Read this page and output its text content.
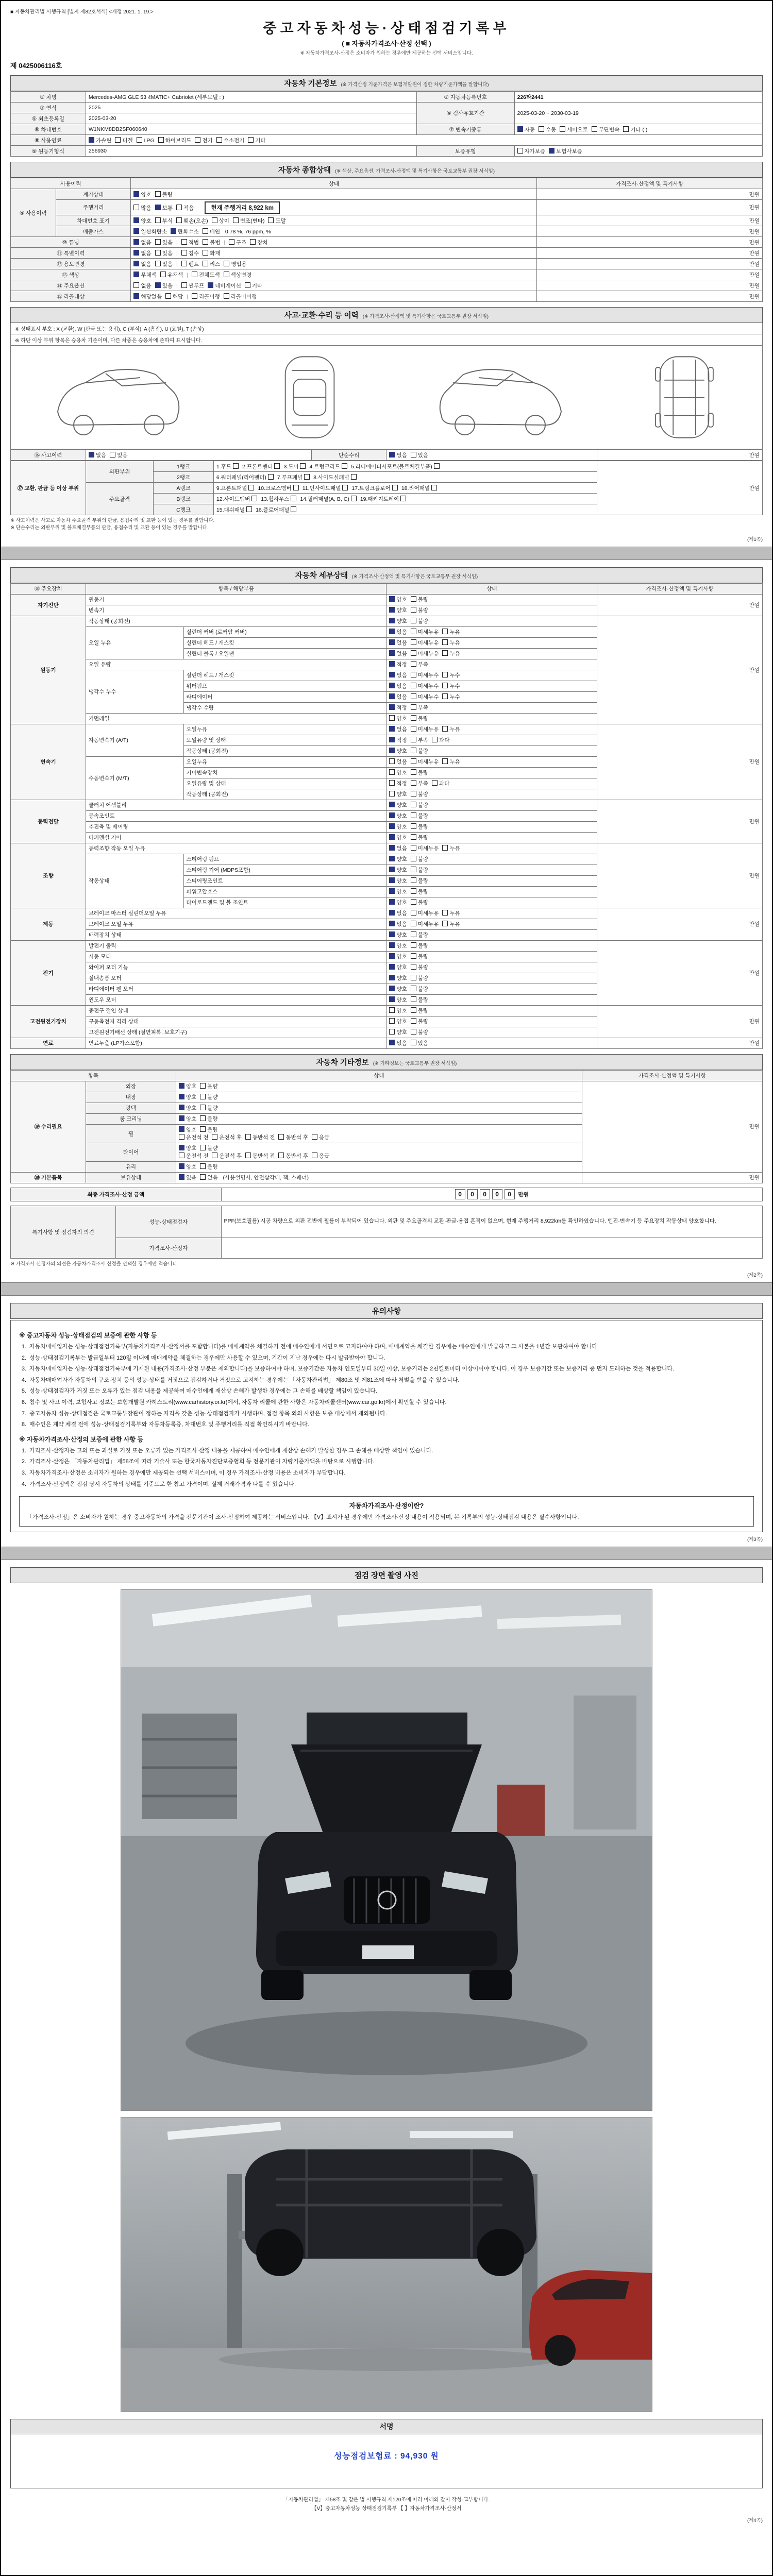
■ 자동차관리법 시행규칙 [별지 제82호서식] <개정 2021. 1. 19.>
중고자동차성능·상태점검기록부
( ■ 자동차가격조사·산정 선택 )
※ 자동차가격조사·산정은 소비자가 원하는 경우에만 제공하는 선택 서비스입니다.
제 0425006116호
자동차 기본정보 (※ 가격산정 기준가격은 보험개발원이 정한 차량기준가액을 말합니다)
① 차명	Mercedes-AMG GLE 53 4MATIC+ Cabriolet (세부모델 : )	② 자동차등록번호	226타2441
③ 연식	2025	④ 검사유효기간	2025-03-20 ~ 2030-03-19
⑤ 최초등록일	2025-03-20		
⑥ 차대번호	W1NKM8DB2SF060640	⑦ 변속기종류	자동 수동 세미오토 무단변속 기타 ( )
⑧ 사용연료	가솔린 디젤 LPG 하이브리드 전기 수소전기 기타		
⑨ 원동기형식	256930	보증유형	자가보증 보험사보증
자동차 종합상태 (※ 색상, 주요옵션, 가격조사·산정액 및 특기사항은 국토교통부 권장 서식임)
사용이력		상태	가격조사·산정액 및 특기사항
⑨ 사용이력	계기상태	양호 불량	만원
	주행거리	많음 보통 적음 현재 주행거리 8,922 km	만원
	차대번호 표기	양호 부식 훼손(오손) 상이 변조(변타) 도말	만원
	배출가스	일산화탄소 탄화수소 매연 0.78 %, 76 ppm, %	만원
⑩ 튜닝		없음 있음 | 적법 불법 | 구조 장치	만원
⑪ 특별이력		없음 있음 | 침수 화재	만원
⑫ 용도변경		없음 있음 | 렌트 리스 영업용	만원
⑬ 색상		무채색 유채색 | 전체도색 색상변경	만원
⑭ 주요옵션		없음 있음 | 썬루프 네비게이션 기타	만원
⑮ 리콜대상		해당없음 해당 | 리콜이행 리콜미이행	만원
사고·교환·수리 등 이력 (※ 가격조사·산정액 및 특기사항은 국토교통부 권장 서식임)
※ 상태표시 부호 : X (교환), W (판금 또는 용접), C (부식), A (흠집), U (요철), T (손상)
※ 하단 이상 부위 항목은 승용차 기준이며, 다른 차종은 승용차에 준하여 표시합니다.
⑯ 사고이력	없음 있음	단순수리	없음 있음	만원
⑰ 교환, 판금 등 이상 부위	외판부위	1랭크	1.후드 2.프론트펜더 3.도어 4.트렁크리드 5.라디에이터서포트(볼트체결부품)	만원
		2랭크	6.쿼터패널(리어펜더) 7.루프패널 8.사이드실패널	
	주요골격	A랭크	9.프론트패널 10.크로스멤버 11.인사이드패널 17.트렁크플로어 18.리어패널	
		B랭크	12.사이드멤버 13.휠하우스 14.필러패널(A, B, C) 19.패키지트레이	
		C랭크	15.대쉬패널 16.플로어패널	
※ 사고이력은 사고로 자동차 주요골격 부위의 판금, 용접수리 및 교환 등이 있는 경우를 말합니다.
※ 단순수리는 외판부위 및 볼트체결부품의 판금, 용접수리 및 교환 등이 있는 경우를 말합니다.
(제1쪽)
자동차 세부상태 (※ 가격조사·산정액 및 특기사항은 국토교통부 권장 서식임)
⑱ 주요장치	항목 / 해당부품		상태	가격조사·산정액 및 특기사항
자기진단	원동기		양호 불량	만원
	변속기		양호 불량	
원동기	작동상태 (공회전)		양호 불량	만원
	오일 누유	실린더 커버 (로커암 커버)	없음 미세누유 누유	
		실린더 헤드 / 개스킷	없음 미세누유 누유	
		실린더 블록 / 오일팬	없음 미세누유 누유	
	오일 유량		적정 부족	
	냉각수 누수	실린더 헤드 / 개스킷	없음 미세누수 누수	
		워터펌프	없음 미세누수 누수	
		라디에이터	없음 미세누수 누수	
		냉각수 수량	적정 부족	
	커먼레일		양호 불량	
변속기	자동변속기 (A/T)	오일누유	없음 미세누유 누유	만원
		오일유량 및 상태	적정 부족 과다	
		작동상태 (공회전)	양호 불량	
	수동변속기 (M/T)	오일누유	없음 미세누유 누유	
		기어변속장치	양호 불량	
		오일유량 및 상태	적정 부족 과다	
		작동상태 (공회전)	양호 불량	
동력전달	클러치 어셈블리		양호 불량	만원
	등속조인트		양호 불량	
	추진축 및 베어링		양호 불량	
	디퍼렌셜 기어		양호 불량	
조향	동력조향 작동 오일 누유		없음 미세누유 누유	만원
	작동상태	스티어링 펌프	양호 불량	
		스티어링 기어 (MDPS포함)	양호 불량	
		스티어링조인트	양호 불량	
		파워고압호스	양호 불량	
		타이로드엔드 및 볼 조인트	양호 불량	
제동	브레이크 마스터 실린더오일 누유		없음 미세누유 누유	만원
	브레이크 오일 누유		없음 미세누유 누유	
	배력장치 상태		양호 불량	
전기	발전기 출력		양호 불량	만원
	시동 모터		양호 불량	
	와이퍼 모터 기능		양호 불량	
	실내송풍 모터		양호 불량	
	라디에이터 팬 모터		양호 불량	
	윈도우 모터		양호 불량	
고전원전기장치	충전구 절연 상태		양호 불량	만원
	구동축전지 격리 상태		양호 불량	
	고전원전기배선 상태 (절연피복, 보호기구)		양호 불량	
연료	연료누출 (LP가스포함)		없음 있음	만원
자동차 기타정보 (※ 기타정보는 국토교통부 권장 서식임)
항목		상태	가격조사·산정액 및 특기사항
⑲ 수리필요	외장	양호 불량	만원
	내장	양호 불량	
	광택	양호 불량	
	룸 크리닝	양호 불량	
	휠	양호 불량
운전석 전 운전석 후 동반석 전 동반석 후 응급	
	타이어	양호 불량
운전석 전 운전석 후 동반석 전 동반석 후 응급	
	유리	양호 불량	
⑳ 기본품목	보유상태	있음 없음 (사용설명서, 안전삼각대, 잭, 스패너)	만원
최종 가격조사·산정 금액	0 0 0 0 0 만원
특기사항 및 점검자의 의견	성능·상태점검자	PPF(보호필름) 시공 차량으로 외판 전반에 필름이 부착되어 있습니다. 외판 및 주요골격의 교환·판금·용접 흔적이 없으며, 현재 주행거리 8,922km를 확인하였습니다. 엔진·변속기 등 주요장치 작동상태 양호합니다.
	가격조사·산정자	
※ 가격조사·산정자의 의견은 자동차가격조사·산정을 선택한 경우에만 적습니다.
(제2쪽)
유의사항
※ 중고자동차 성능·상태점검의 보증에 관한 사항 등
1. 자동차매매업자는 성능·상태점검기록부(자동차가격조사·산정서를 포함합니다)를 매매계약을 체결하기 전에 매수인에게 서면으로 고지하여야 하며, 매매계약을 체결한 경우에는 매수인에게 발급하고 그 사본을 1년간 보관하여야 합니다.
2. 성능·상태점검기록부는 발급일부터 120일 이내에 매매계약을 체결하는 경우에만 사용할 수 있으며, 기간이 지난 경우에는 다시 발급받아야 합니다.
3. 자동차매매업자는 성능·상태점검기록부에 기재된 내용(가격조사·산정 부분은 제외합니다)을 보증하여야 하며, 보증기간은 자동차 인도일부터 30일 이상, 보증거리는 2천킬로미터 이상이어야 합니다. 이 경우 보증기간 또는 보증거리 중 먼저 도래하는 것을 적용합니다.
4. 자동차매매업자가 자동차의 구조·장치 등의 성능·상태를 거짓으로 점검하거나 거짓으로 고지하는 경우에는 「자동차관리법」 제80조 및 제81조에 따라 처벌을 받을 수 있습니다.
5. 성능·상태점검자가 거짓 또는 오류가 있는 점검 내용을 제공하여 매수인에게 재산상 손해가 발생한 경우에는 그 손해를 배상할 책임이 있습니다.
6. 침수 및 사고 이력, 보험사고 정보는 보험개발원 카히스토리(www.carhistory.or.kr)에서, 자동차 리콜에 관한 사항은 자동차리콜센터(www.car.go.kr)에서 확인할 수 있습니다.
7. 중고자동차 성능·상태점검은 국토교통부장관이 정하는 자격을 갖춘 성능·상태점검자가 시행하며, 점검 항목 외의 사항은 보증 대상에서 제외됩니다.
8. 매수인은 계약 체결 전에 성능·상태점검기록부와 자동차등록증, 차대번호 및 주행거리를 직접 확인하시기 바랍니다.
※ 자동차가격조사·산정의 보증에 관한 사항 등
1. 가격조사·산정자는 고의 또는 과실로 거짓 또는 오류가 있는 가격조사·산정 내용을 제공하여 매수인에게 재산상 손해가 발생한 경우 그 손해를 배상할 책임이 있습니다.
2. 가격조사·산정은 「자동차관리법」 제58조에 따라 기술사 또는 한국자동차진단보증협회 등 전문기관이 차량기준가액을 바탕으로 시행합니다.
3. 자동차가격조사·산정은 소비자가 원하는 경우에만 제공되는 선택 서비스이며, 이 경우 가격조사·산정 비용은 소비자가 부담합니다.
4. 가격조사·산정액은 점검 당시 자동차의 상태를 기준으로 한 참고 가격이며, 실제 거래가격과 다를 수 있습니다.
자동차가격조사·산정이란?
「가격조사·산정」은 소비자가 원하는 경우 중고자동차의 가격을 전문기관이 조사·산정하여 제공하는 서비스입니다. 【V】표시가 된 경우에만 가격조사·산정 내용이 적용되며, 본 기록부의 성능·상태점검 내용은 필수사항입니다.
(제3쪽)
점검 장면 촬영 사진
서명
성능점검보험료 : 94,930 원
「자동차관리법」 제58조 및 같은 법 시행규칙 제120조에 따라 아래와 같이 작성·교부합니다.
【V】중고자동차성능·상태점검기록부 【 】자동차가격조사·산정서
(제4쪽)
